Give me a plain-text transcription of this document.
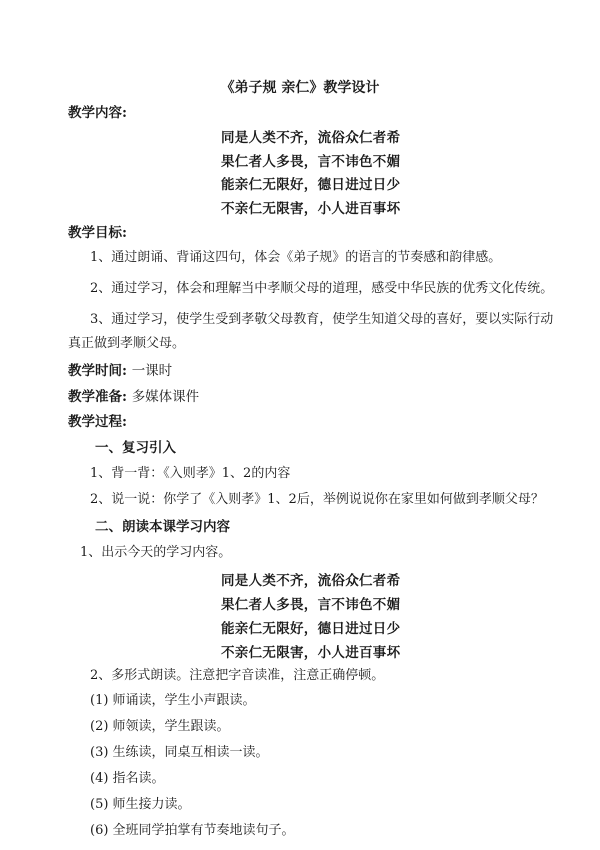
《弟子规 亲仁》教学设计
教学内容:
同是人类不齐，流俗众仁者希
果仁者人多畏，言不讳色不媚
能亲仁无限好，德日进过日少
不亲仁无限害，小人进百事坏
教学目标:
1、通过朗诵、背诵这四句，体会《弟子规》的语言的节奏感和韵律感。
2、通过学习，体会和理解当中孝顺父母的道理，感受中华民族的优秀文化传统。
3、通过学习，使学生受到孝敬父母教育，使学生知道父母的喜好，要以实际行动
真正做到孝顺父母。
教学时间: 一课时
教学准备: 多媒体课件
教学过程:
一、复习引入
1、背一背：《入则孝》1、2的内容
2、说一说：你学了《入则孝》1、2后，举例说说你在家里如何做到孝顺父母？
二、朗读本课学习内容
1、出示今天的学习内容。
同是人类不齐，流俗众仁者希
果仁者人多畏，言不讳色不媚
能亲仁无限好，德日进过日少
不亲仁无限害，小人进百事坏
2、多形式朗读。注意把字音读准，注意正确停顿。
(1) 师诵读，学生小声跟读。
(2) 师领读，学生跟读。
(3) 生练读，同桌互相读一读。
(4) 指名读。
(5) 师生接力读。
(6) 全班同学拍掌有节奏地读句子。
